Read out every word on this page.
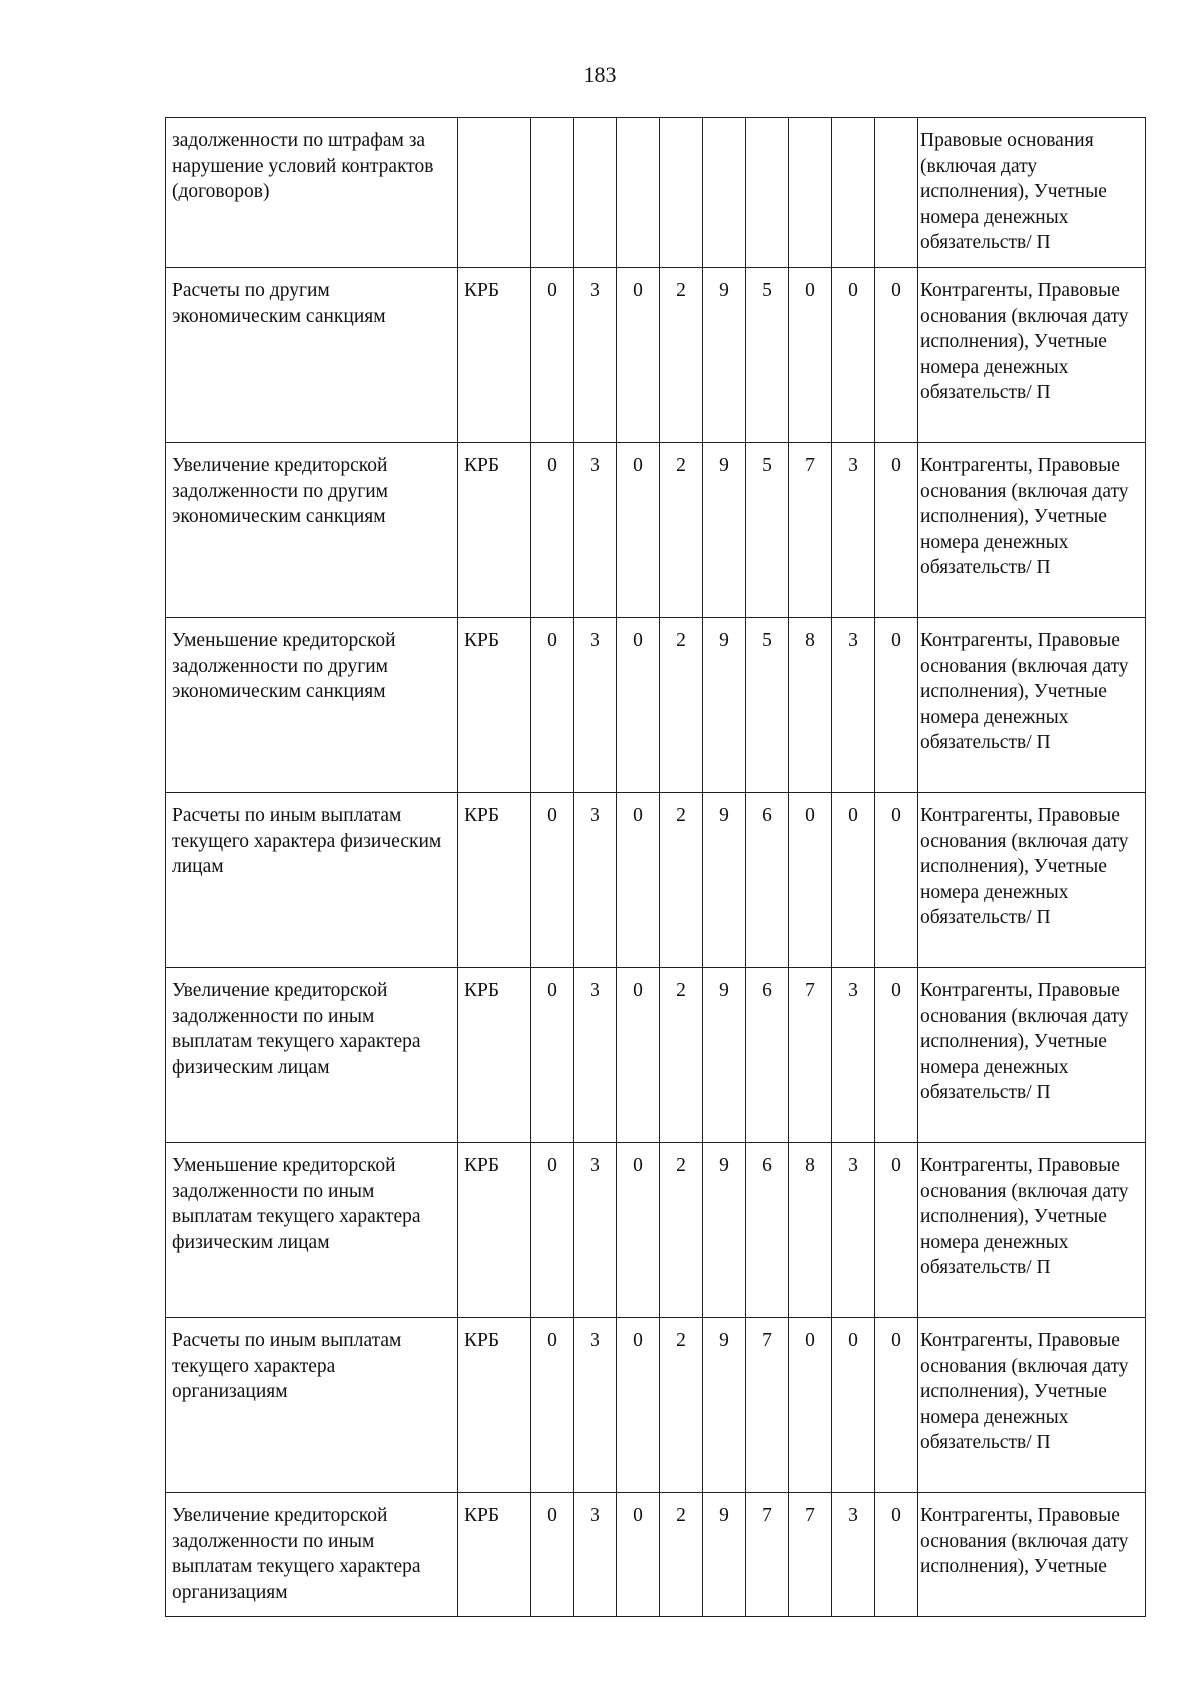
183
задолженности по штрафам за нарушение условий контрактов (договоров)											Правовые основания (включая дату исполнения), Учетные номера денежных обязательств/ П
Расчеты по другим экономическим санкциям	КРБ	0	3	0	2	9	5	0	0	0	Контрагенты, Правовые основания (включая дату исполнения), Учетные номера денежных обязательств/ П
Увеличение кредиторской задолженности по другим экономическим санкциям	КРБ	0	3	0	2	9	5	7	3	0	Контрагенты, Правовые основания (включая дату исполнения), Учетные номера денежных обязательств/ П
Уменьшение кредиторской задолженности по другим экономическим санкциям	КРБ	0	3	0	2	9	5	8	3	0	Контрагенты, Правовые основания (включая дату исполнения), Учетные номера денежных обязательств/ П
Расчеты по иным выплатам текущего характера физическим лицам	КРБ	0	3	0	2	9	6	0	0	0	Контрагенты, Правовые основания (включая дату исполнения), Учетные номера денежных обязательств/ П
Увеличение кредиторской задолженности по иным выплатам текущего характера физическим лицам	КРБ	0	3	0	2	9	6	7	3	0	Контрагенты, Правовые основания (включая дату исполнения), Учетные номера денежных обязательств/ П
Уменьшение кредиторской задолженности по иным выплатам текущего характера физическим лицам	КРБ	0	3	0	2	9	6	8	3	0	Контрагенты, Правовые основания (включая дату исполнения), Учетные номера денежных обязательств/ П
Расчеты по иным выплатам текущего характера организациям	КРБ	0	3	0	2	9	7	0	0	0	Контрагенты, Правовые основания (включая дату исполнения), Учетные номера денежных обязательств/ П
Увеличение кредиторской задолженности по иным выплатам текущего характера организациям	КРБ	0	3	0	2	9	7	7	3	0	Контрагенты, Правовые основания (включая дату исполнения), Учетные
